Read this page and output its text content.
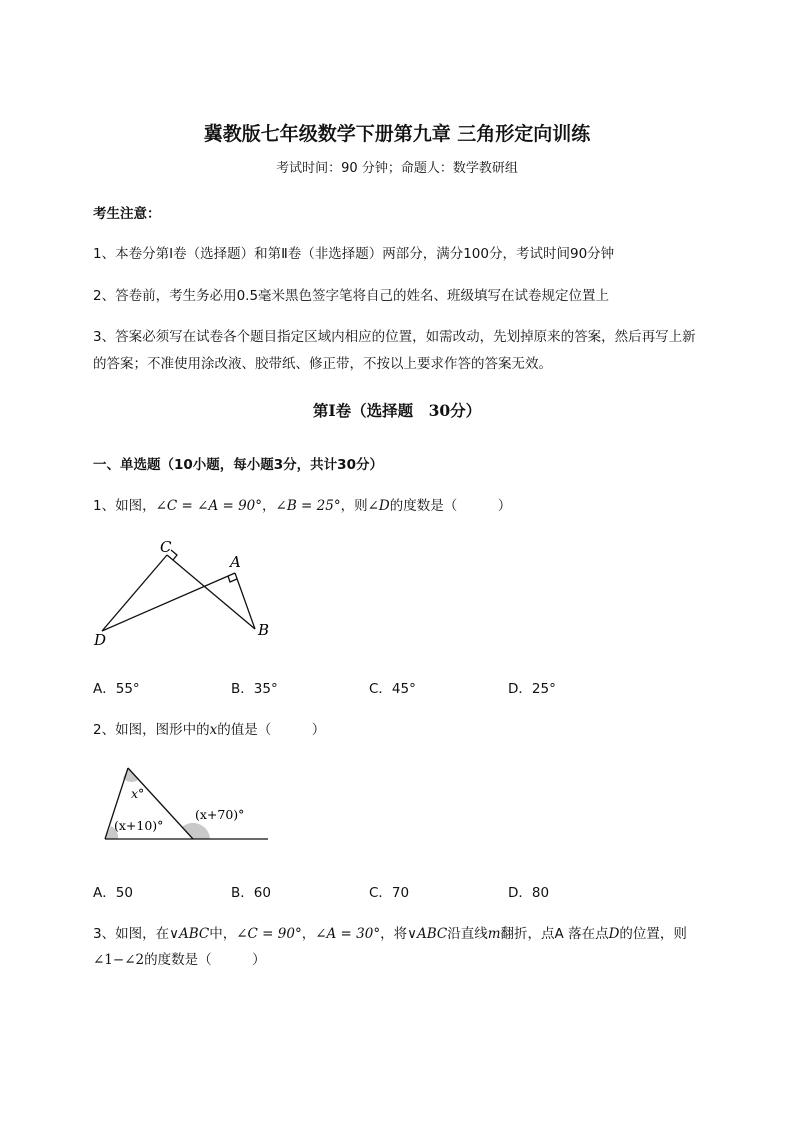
冀教版七年级数学下册第九章 三角形定向训练
考试时间：90 分钟；命题人：数学教研组
考生注意：
1、本卷分第I卷（选择题）和第Ⅱ卷（非选择题）两部分，满分100分，考试时间90分钟
2、答卷前，考生务必用0.5毫米黑色签字笔将自己的姓名、班级填写在试卷规定位置上
3、答案必须写在试卷各个题目指定区域内相应的位置，如需改动，先划掉原来的答案，然后再写上新
的答案；不准使用涂改液、胶带纸、修正带，不按以上要求作答的答案无效。
第I卷（选择题　30分）
一、单选题（10小题，每小题3分，共计30分）
1、如图，∠C = ∠A = 90°，∠B = 25°，则∠D的度数是（　　　）
C
A
D
B
A．55°	B．35°	C．45°	D．25°
2、如图，图形中的x的值是（　　　）
x°
(x+10)°
(x+70)°
A．50	B．60	C．70	D．80
3、如图，在∨ABC中，∠C = 90°，∠A = 30°，将∨ABC沿直线m翻折，点A 落在点D的位置，则
∠1−∠2的度数是（　　　）
